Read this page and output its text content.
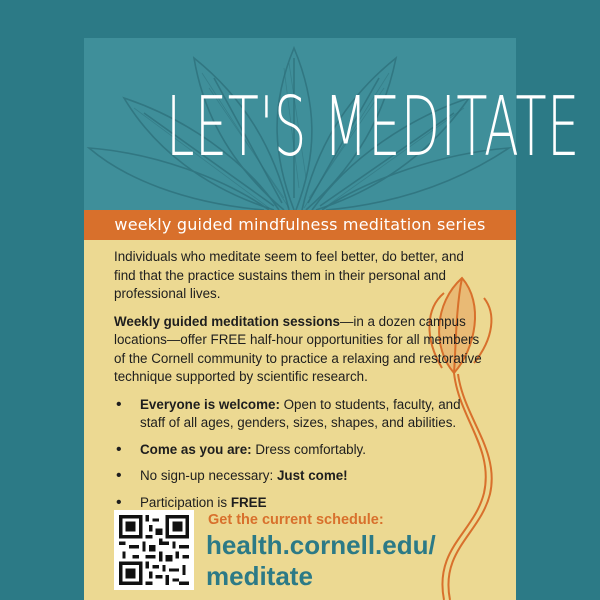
LET'S MEDITATE
weekly guided mindfulness meditation series

Individuals who meditate seem to feel better, do better, and find that the practice sustains them in their personal and professional lives.

Weekly guided meditation sessions—in a dozen campus locations—offer FREE half-hour opportunities for all members of the Cornell community to practice a relaxing and restorative technique supported by scientific research.

• Everyone is welcome: Open to students, faculty, and staff of all ages, genders, sizes, shapes, and abilities.
• Come as you are: Dress comfortably.
• No sign-up necessary: Just come!
• Participation is FREE
Get the current schedule:
health.cornell.edu/ meditate
